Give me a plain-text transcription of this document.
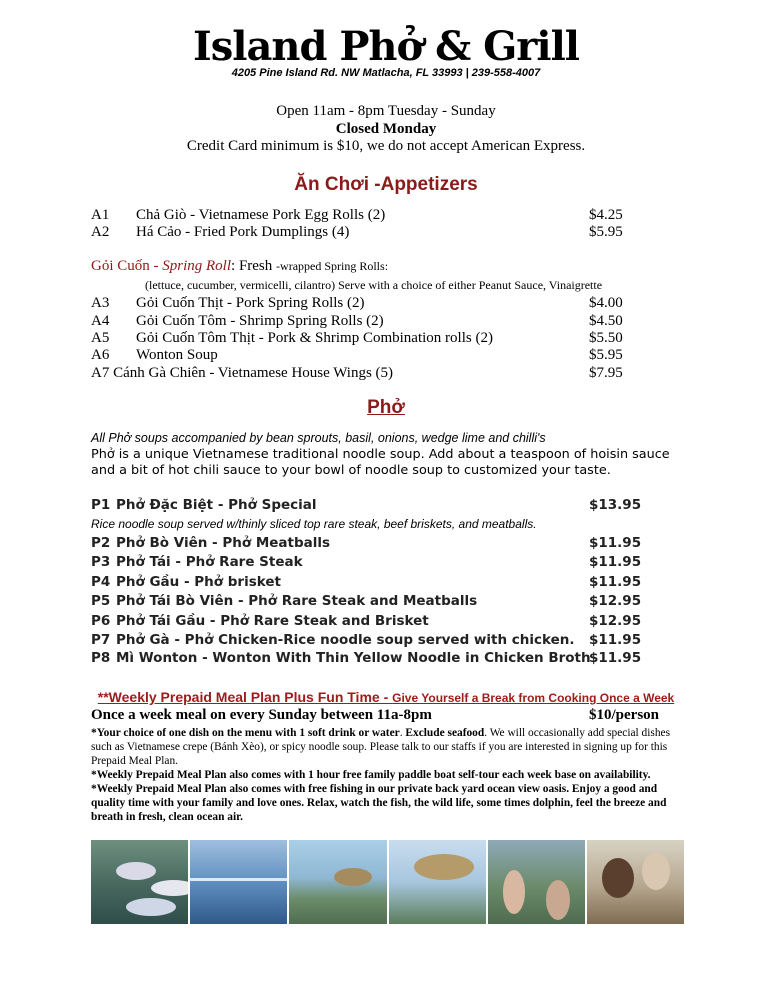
Island Phở & Grill
4205 Pine Island Rd. NW Matlacha, FL 33993 | 239-558-4007
Open 11am - 8pm Tuesday - Sunday
Closed Monday
Credit Card minimum is $10, we do not accept American Express.
Ăn Chơi -Appetizers
A1 Chả Giò - Vietnamese Pork Egg Rolls (2)	$4.25
A2 Há Cảo - Fried Pork Dumplings (4)	$5.95
Gỏi Cuốn - Spring Roll: Fresh -wrapped Spring Rolls:
(lettuce, cucumber, vermicelli, cilantro) Serve with a choice of either Peanut Sauce, Vinaigrette
A3 Gỏi Cuốn Thịt - Pork Spring Rolls (2)	$4.00
A4 Gỏi Cuốn Tôm - Shrimp Spring Rolls (2)	$4.50
A5 Gỏi Cuốn Tôm Thịt - Pork & Shrimp Combination rolls (2)	$5.50
A6 Wonton Soup	$5.95
A7 Cánh Gà Chiên - Vietnamese House Wings (5)	$7.95
Phở
All Phở soups accompanied by bean sprouts, basil, onions, wedge lime and chilli's
Phở is a unique Vietnamese traditional noodle soup. Add about a teaspoon of hoisin sauce and a bit of hot chili sauce to your bowl of noodle soup to customized your taste.
P1 Phở Đặc Biệt - Phở Special	$13.95
Rice noodle soup served w/thinly sliced top rare steak, beef briskets, and meatballs.
P2 Phở Bò Viên - Phở Meatballs	$11.95
P3 Phở Tái - Phở Rare Steak	$11.95
P4 Phở Gầu - Phở brisket	$11.95
P5 Phở Tái Bò Viên - Phở Rare Steak and Meatballs	$12.95
P6 Phở Tái Gầu - Phở Rare Steak and Brisket	$12.95
P7 Phở Gà - Phở Chicken-Rice noodle soup served with chicken. $11.95
P8 Mì Wonton - Wonton With Thin Yellow Noodle in Chicken Broth
$11.95
**Weekly Prepaid Meal Plan Plus Fun Time - Give Yourself a Break from Cooking Once a Week
Once a week meal on every Sunday between 11a-8pm	$10/person
*Your choice of one dish on the menu with 1 soft drink or water. Exclude seafood. We will occasionally add special dishes such as Vietnamese crepe (Bánh Xèo), or spicy noodle soup. Please talk to our staffs if you are interested in signing up for this Prepaid Meal Plan.
*Weekly Prepaid Meal Plan also comes with 1 hour free family paddle boat self-tour each week base on availability.
*Weekly Prepaid Meal Plan also comes with free fishing in our private back yard ocean view oasis. Enjoy a good and quality time with your family and love ones. Relax, watch the fish, the wild life, some times dolphin, feel the breeze and breath in fresh, clean ocean air.
